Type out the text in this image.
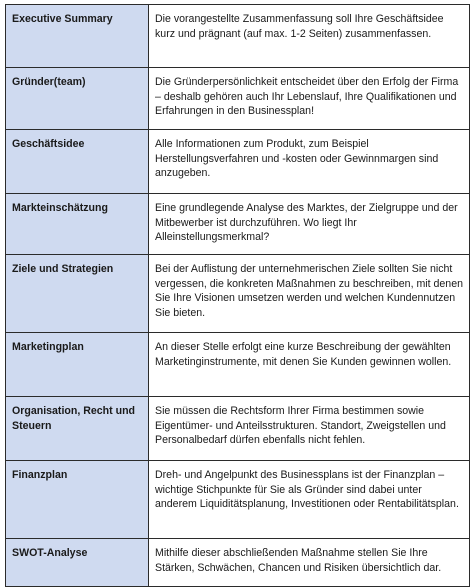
Executive Summary	Die vorangestellte Zusammenfassung soll Ihre Geschäftsidee kurz und prägnant (auf max. 1-2 Seiten) zusammenfassen.
Gründer(team)	Die Gründerpersönlichkeit entscheidet über den Erfolg der Firma – deshalb gehören auch Ihr Lebenslauf, Ihre Qualifikationen und Erfahrungen in den Businessplan!
Geschäftsidee	Alle Informationen zum Produkt, zum Beispiel Herstellungsverfahren und -kosten oder Gewinnmargen sind anzugeben.
Markteinschätzung	Eine grundlegende Analyse des Marktes, der Zielgruppe und der Mitbewerber ist durchzuführen. Wo liegt Ihr Alleinstellungsmerkmal?
Ziele und Strategien	Bei der Auflistung der unternehmerischen Ziele sollten Sie nicht vergessen, die konkreten Maßnahmen zu beschreiben, mit denen Sie Ihre Visionen umsetzen werden und welchen Kundennutzen Sie bieten.
Marketingplan	An dieser Stelle erfolgt eine kurze Beschreibung der gewählten Marketinginstrumente, mit denen Sie Kunden gewinnen wollen.
Organisation, Recht und Steuern	Sie müssen die Rechtsform Ihrer Firma bestimmen sowie Eigentümer- und Anteilsstrukturen. Standort, Zweigstellen und Personalbedarf dürfen ebenfalls nicht fehlen.
Finanzplan	Dreh- und Angelpunkt des Businessplans ist der Finanzplan – wichtige Stichpunkte für Sie als Gründer sind dabei unter anderem Liquiditätsplanung, Investitionen oder Rentabilitätsplan.
SWOT-Analyse	Mithilfe dieser abschließenden Maßnahme stellen Sie Ihre Stärken, Schwächen, Chancen und Risiken übersichtlich dar.
